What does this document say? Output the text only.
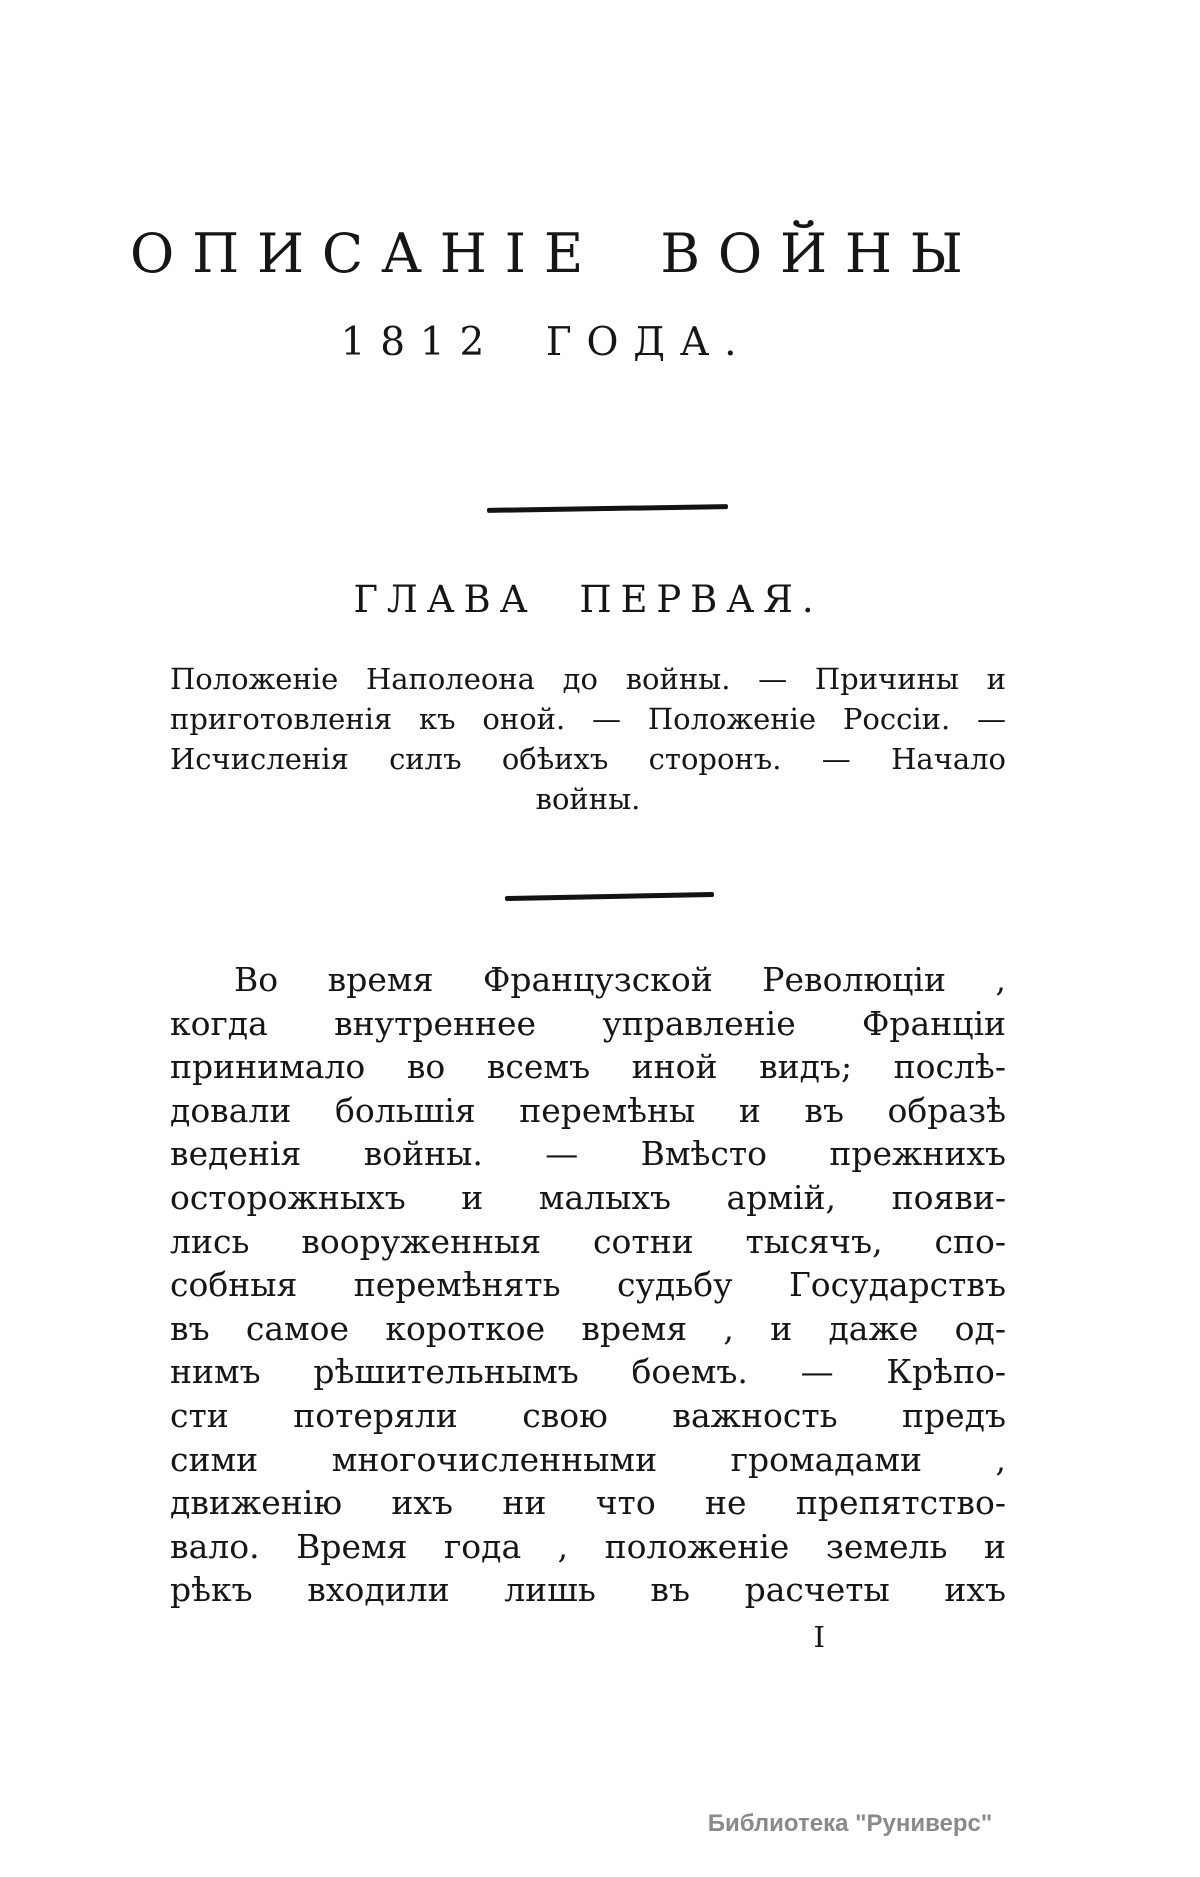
ОПИСАНІЕ ВОЙНЫ
1812 ГОДА.
ГЛАВА ПЕРВАЯ.
Положеніе Наполеона до войны. — Причины и
приготовленія къ оной. — Положеніе Россіи. —
Исчисленія силъ обѣихъ сторонъ. — Начало
войны.
Во время Французской Революціи ,
когда внутреннее управленіе Франціи
принимало во всемъ иной видъ; послѣ-
довали большія перемѣны и въ образѣ
веденія войны. — Вмѣсто прежнихъ
осторожныхъ и малыхъ армій, появи-
лись вооруженныя сотни тысячъ, спо-
собныя перемѣнять судьбу Государствъ
въ самое короткое время , и даже од-
нимъ рѣшительнымъ боемъ. — Крѣпо-
сти потеряли свою важность предъ
сими многочисленными громадами ,
движенію ихъ ни что не препятство-
вало. Время года , положеніе земель и
рѣкъ входили лишь въ расчеты ихъ
I
Библиотека "Руниверс"
